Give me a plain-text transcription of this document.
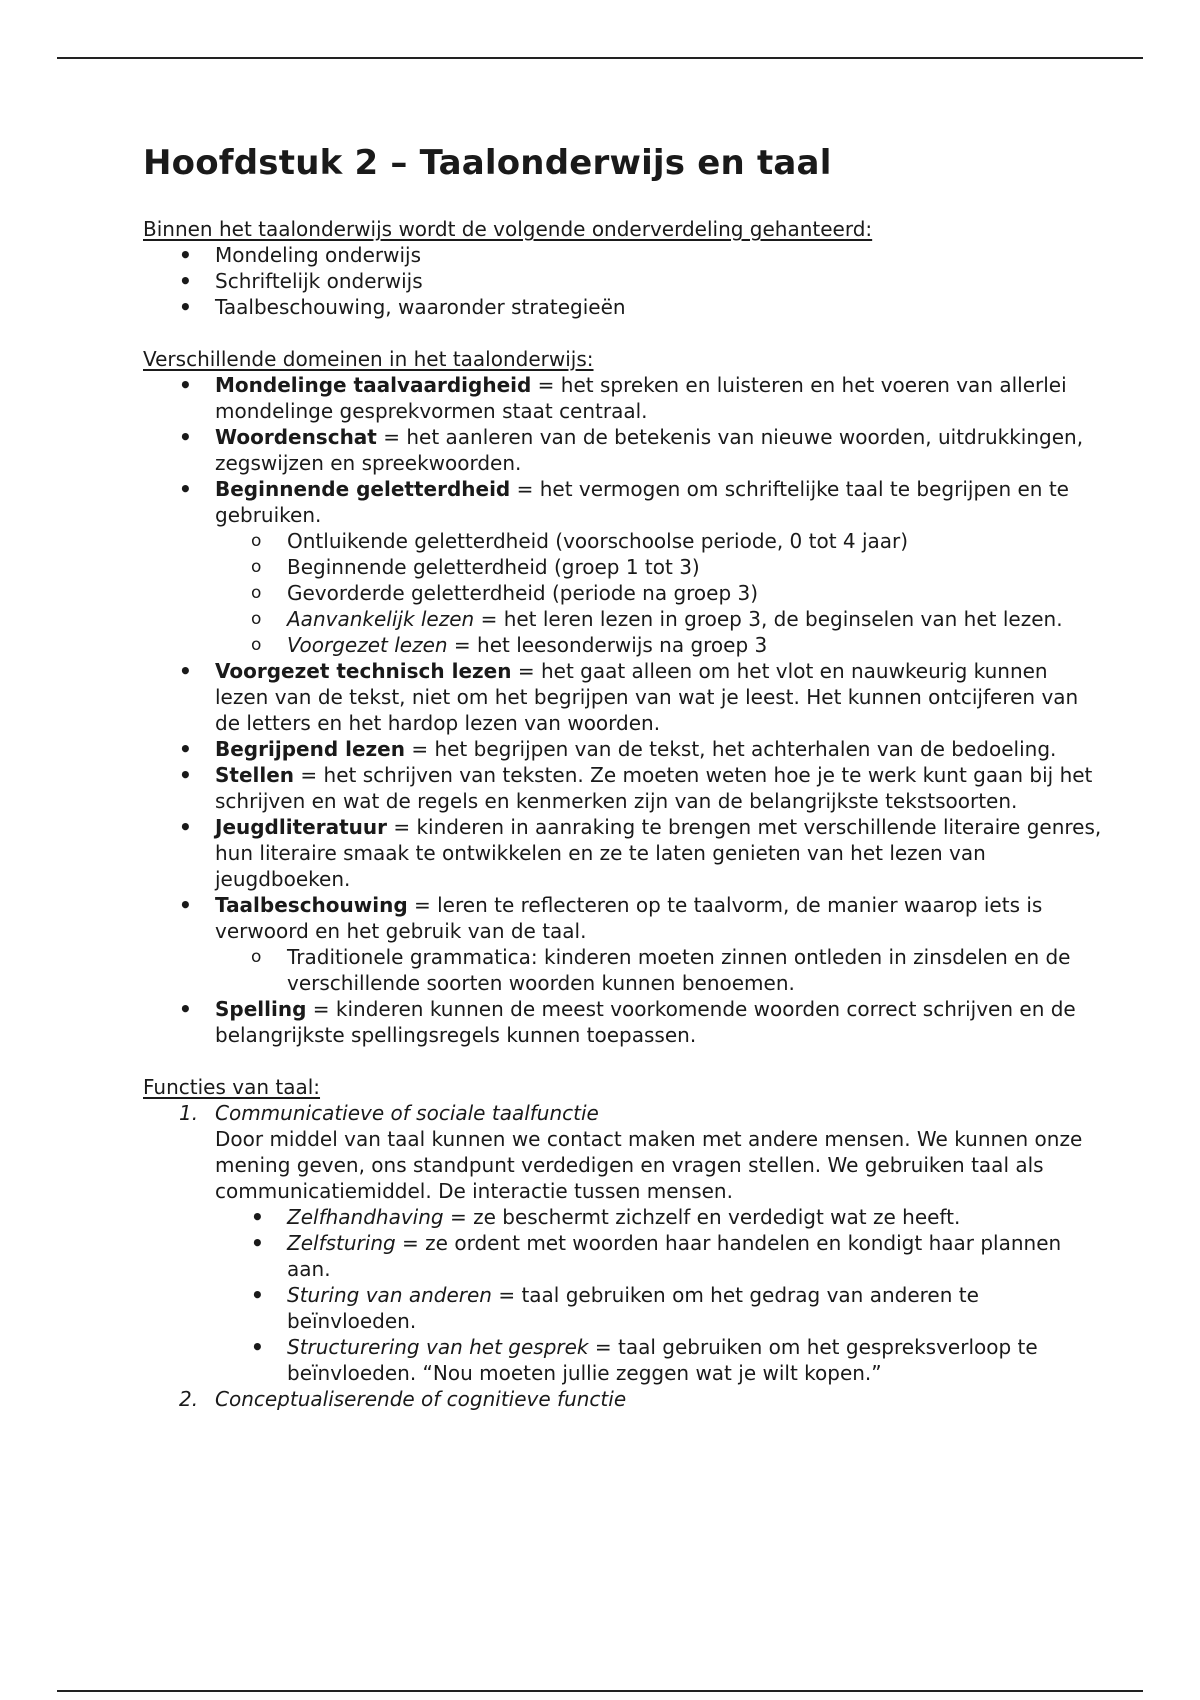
Hoofdstuk 2 – Taalonderwijs en taal
Binnen het taalonderwijs wordt de volgende onderverdeling gehanteerd:
• Mondeling onderwijs
• Schriftelijk onderwijs
• Taalbeschouwing, waaronder strategieën
Verschillende domeinen in het taalonderwijs:
• Mondelinge taalvaardigheid = het spreken en luisteren en het voeren van allerlei mondelinge gesprekvormen staat centraal.
• Woordenschat = het aanleren van de betekenis van nieuwe woorden, uitdrukkingen, zegswijzen en spreekwoorden.
• Beginnende geletterdheid = het vermogen om schriftelijke taal te begrijpen en te gebruiken.
o Ontluikende geletterdheid (voorschoolse periode, 0 tot 4 jaar)
o Beginnende geletterdheid (groep 1 tot 3)
o Gevorderde geletterdheid (periode na groep 3)
o Aanvankelijk lezen = het leren lezen in groep 3, de beginselen van het lezen.
o Voorgezet lezen = het leesonderwijs na groep 3
• Voorgezet technisch lezen = het gaat alleen om het vlot en nauwkeurig kunnen lezen van de tekst, niet om het begrijpen van wat je leest. Het kunnen ontcijferen van de letters en het hardop lezen van woorden.
• Begrijpend lezen = het begrijpen van de tekst, het achterhalen van de bedoeling.
• Stellen = het schrijven van teksten. Ze moeten weten hoe je te werk kunt gaan bij het schrijven en wat de regels en kenmerken zijn van de belangrijkste tekstsoorten.
• Jeugdliteratuur = kinderen in aanraking te brengen met verschillende literaire genres, hun literaire smaak te ontwikkelen en ze te laten genieten van het lezen van jeugdboeken.
• Taalbeschouwing = leren te reflecteren op te taalvorm, de manier waarop iets is verwoord en het gebruik van de taal.
o Traditionele grammatica: kinderen moeten zinnen ontleden in zinsdelen en de verschillende soorten woorden kunnen benoemen.
• Spelling = kinderen kunnen de meest voorkomende woorden correct schrijven en de belangrijkste spellingsregels kunnen toepassen.
Functies van taal:
1. Communicatieve of sociale taalfunctie
Door middel van taal kunnen we contact maken met andere mensen. We kunnen onze mening geven, ons standpunt verdedigen en vragen stellen. We gebruiken taal als communicatiemiddel. De interactie tussen mensen.
• Zelfhandhaving = ze beschermt zichzelf en verdedigt wat ze heeft.
• Zelfsturing = ze ordent met woorden haar handelen en kondigt haar plannen aan.
• Sturing van anderen = taal gebruiken om het gedrag van anderen te beïnvloeden.
• Structurering van het gesprek = taal gebruiken om het gespreksverloop te beïnvloeden. “Nou moeten jullie zeggen wat je wilt kopen.”
2. Conceptualiserende of cognitieve functie
